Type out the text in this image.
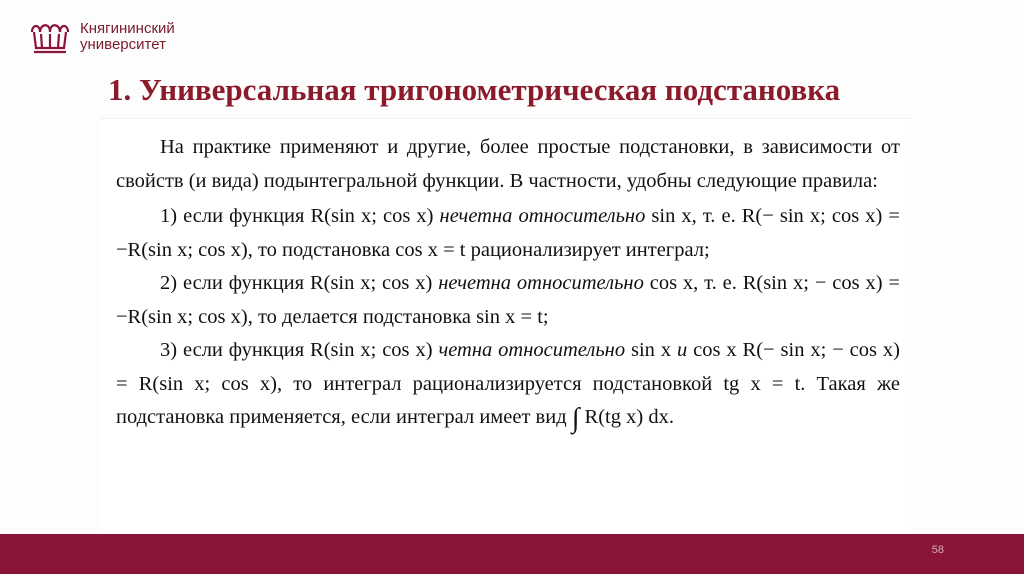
Княгининский
университет
1. Универсальная тригонометрическая подстановка

На практике применяют и другие, более простые подстановки, в зависимости от свойств (и вида) подынтегральной функции. В частности, удобны следующие правила:

1) если функция R(sin x; cos x) нечетна относительно sin x, т. е. R(− sin x; cos x) = −R(sin x; cos x), то подстановка cos x = t рационализирует интеграл;

2) если функция R(sin x; cos x) нечетна относительно cos x, т. е. R(sin x; − cos x) = −R(sin x; cos x), то делается подстановка sin x = t;

3) если функция R(sin x; cos x) четна относительно sin x и cos x R(− sin x; − cos x) = R(sin x; cos x), то интеграл рационализируется подстановкой tg x = t. Такая же подстановка применяется, если интеграл имеет вид ∫ R(tg x) dx.

58
